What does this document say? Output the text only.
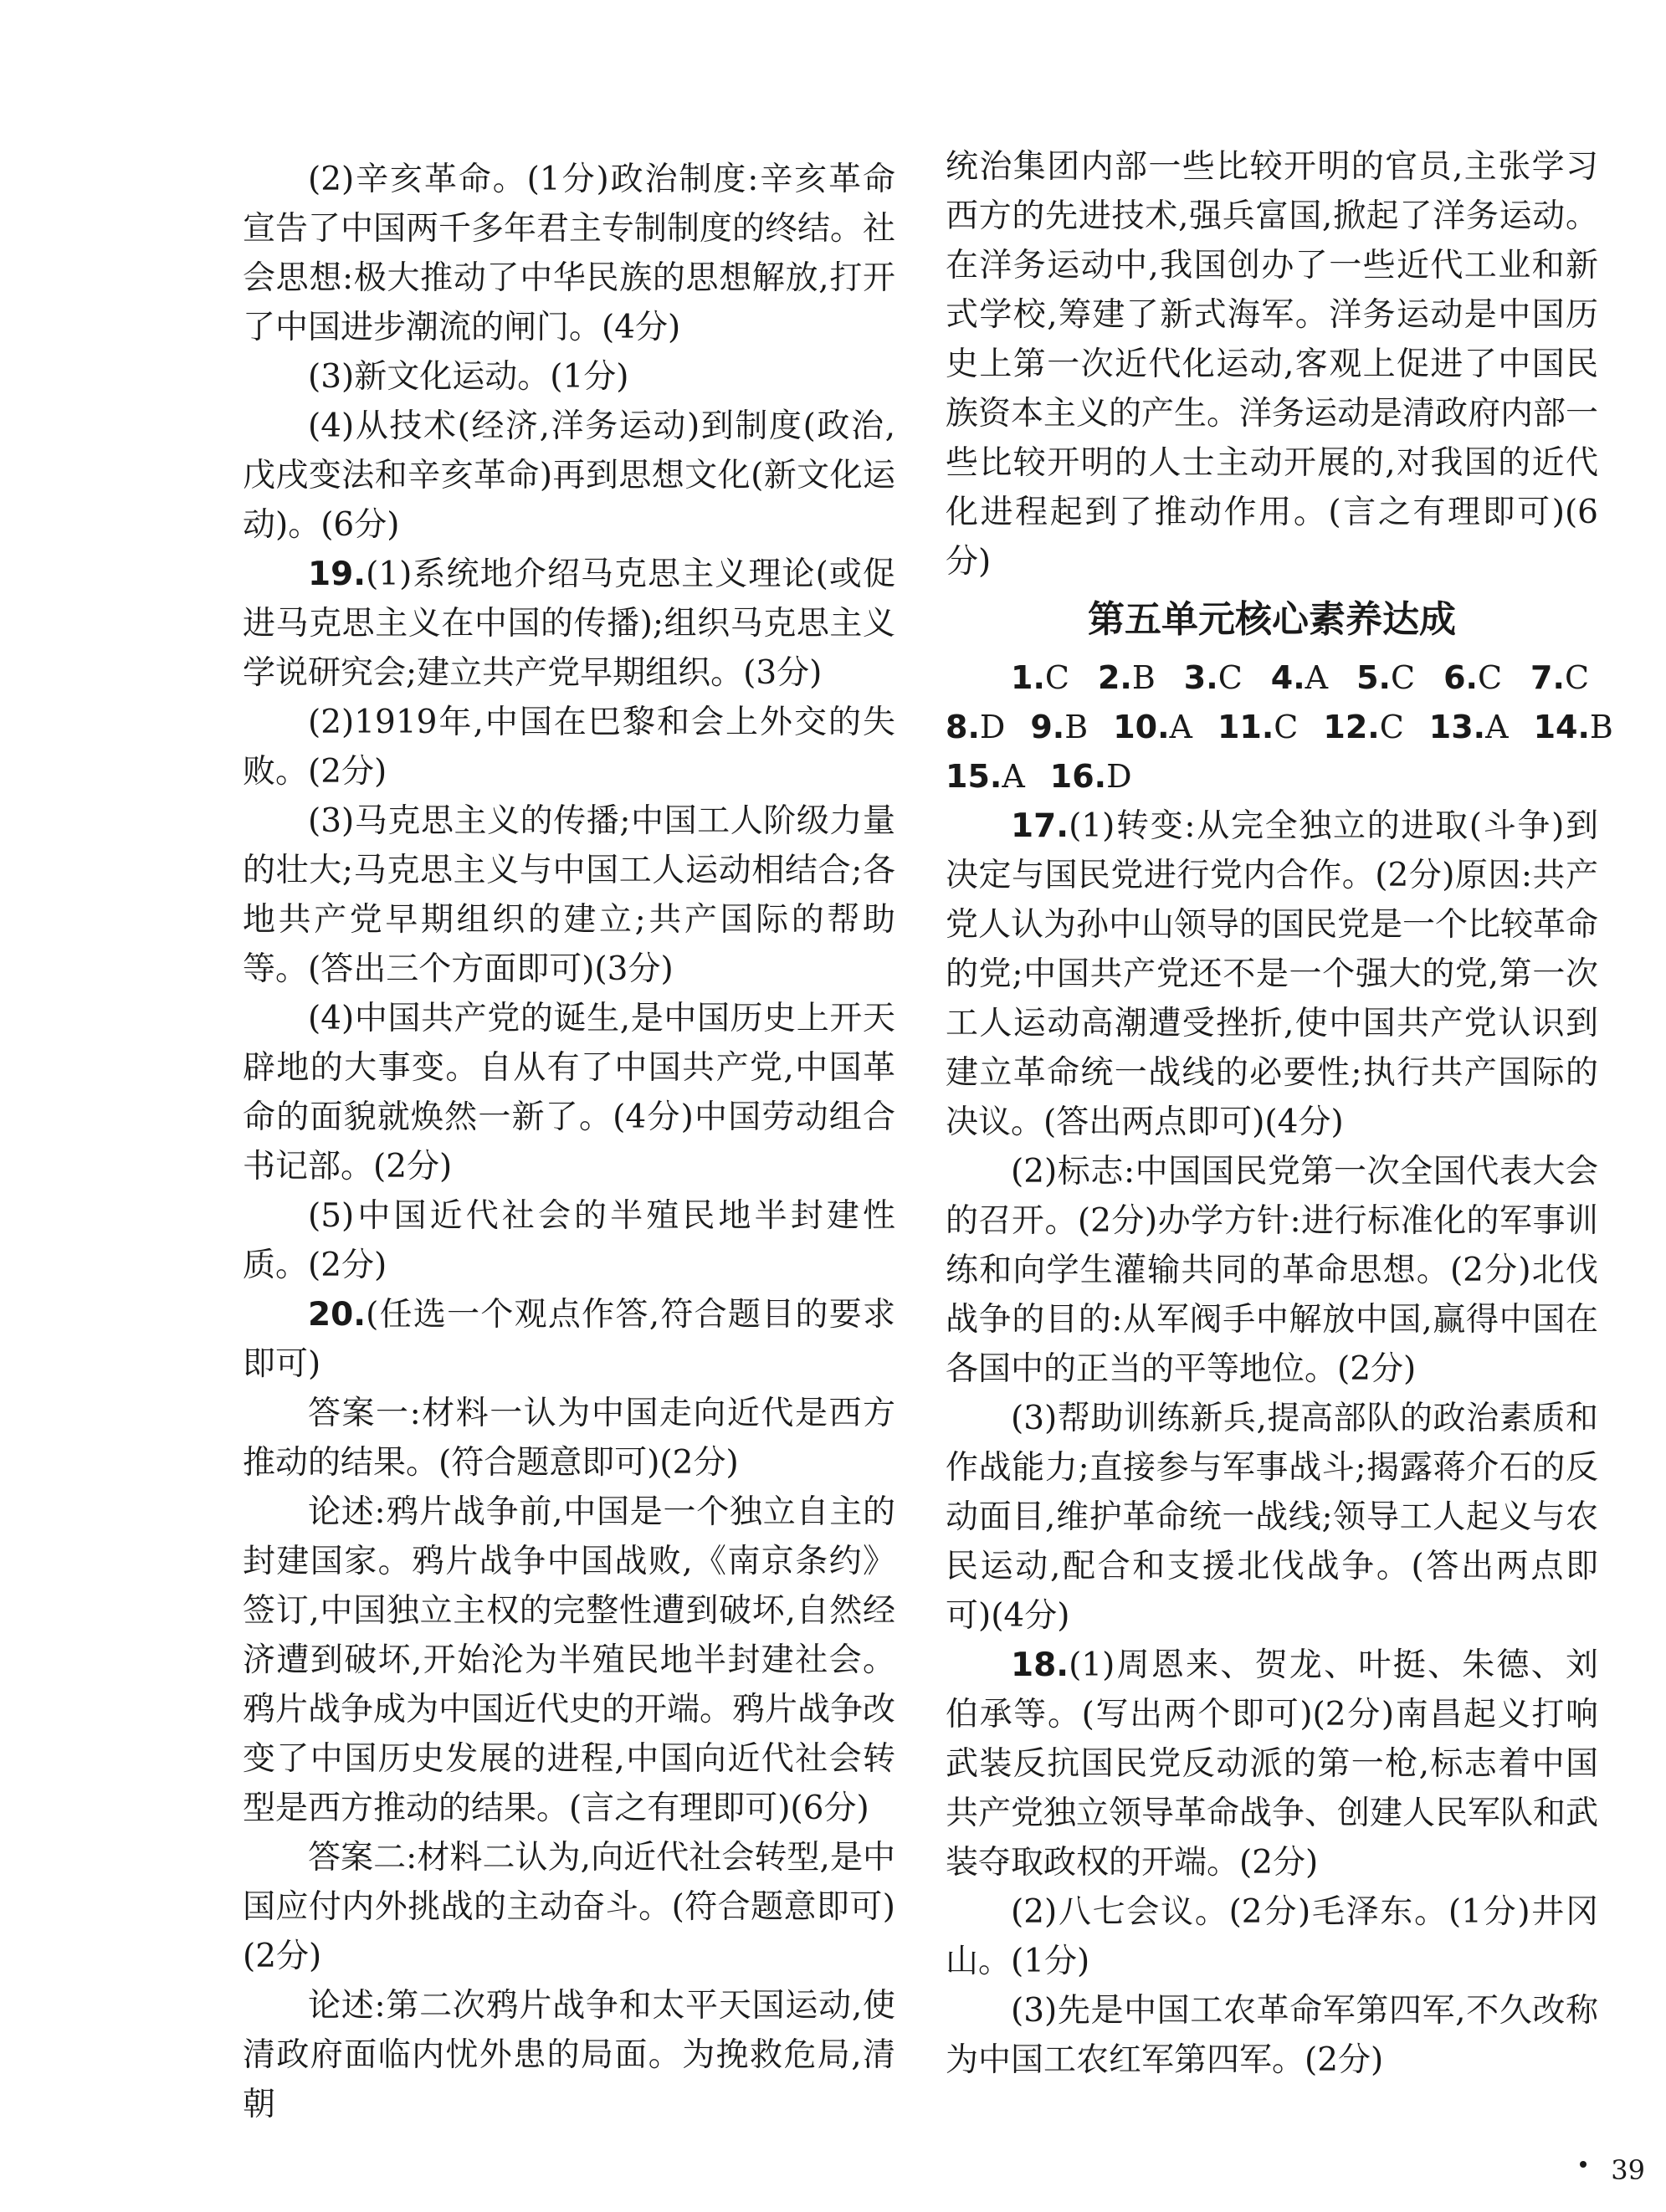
(2)辛亥革命。(1分)政治制度:辛亥革命宣告了中国两千多年君主专制制度的终结。社会思想:极大推动了中华民族的思想解放,打开了中国进步潮流的闸门。(4分)

(3)新文化运动。(1分)

(4)从技术(经济,洋务运动)到制度(政治,戊戌变法和辛亥革命)再到思想文化(新文化运动)。(6分)

19.(1)系统地介绍马克思主义理论(或促进马克思主义在中国的传播);组织马克思主义学说研究会;建立共产党早期组织。(3分)

(2)1919年,中国在巴黎和会上外交的失败。(2分)

(3)马克思主义的传播;中国工人阶级力量的壮大;马克思主义与中国工人运动相结合;各地共产党早期组织的建立;共产国际的帮助等。(答出三个方面即可)(3分)

(4)中国共产党的诞生,是中国历史上开天辟地的大事变。自从有了中国共产党,中国革命的面貌就焕然一新了。(4分)中国劳动组合书记部。(2分)

(5)中国近代社会的半殖民地半封建性质。(2分)

20.(任选一个观点作答,符合题目的要求即可)

答案一:材料一认为中国走向近代是西方推动的结果。(符合题意即可)(2分)

论述:鸦片战争前,中国是一个独立自主的封建国家。鸦片战争中国战败,《南京条约》签订,中国独立主权的完整性遭到破坏,自然经济遭到破坏,开始沦为半殖民地半封建社会。鸦片战争成为中国近代史的开端。鸦片战争改变了中国历史发展的进程,中国向近代社会转型是西方推动的结果。(言之有理即可)(6分)

答案二:材料二认为,向近代社会转型,是中国应付内外挑战的主动奋斗。(符合题意即可)(2分)

论述:第二次鸦片战争和太平天国运动,使清政府面临内忧外患的局面。为挽救危局,清朝

统治集团内部一些比较开明的官员,主张学习西方的先进技术,强兵富国,掀起了洋务运动。在洋务运动中,我国创办了一些近代工业和新式学校,筹建了新式海军。洋务运动是中国历史上第一次近代化运动,客观上促进了中国民族资本主义的产生。洋务运动是清政府内部一些比较开明的人士主动开展的,对我国的近代化进程起到了推动作用。(言之有理即可)(6分)

第五单元核心素养达成
1.C 2.B 3.C 4.A 5.C 6.C 7.C
8.D 9.B 10.A 11.C 12.C 13.A 14.B
15.A 16.D

17.(1)转变:从完全独立的进取(斗争)到决定与国民党进行党内合作。(2分)原因:共产党人认为孙中山领导的国民党是一个比较革命的党;中国共产党还不是一个强大的党,第一次工人运动高潮遭受挫折,使中国共产党认识到建立革命统一战线的必要性;执行共产国际的决议。(答出两点即可)(4分)

(2)标志:中国国民党第一次全国代表大会的召开。(2分)办学方针:进行标准化的军事训练和向学生灌输共同的革命思想。(2分)北伐战争的目的:从军阀手中解放中国,赢得中国在各国中的正当的平等地位。(2分)

(3)帮助训练新兵,提高部队的政治素质和作战能力;直接参与军事战斗;揭露蒋介石的反动面目,维护革命统一战线;领导工人起义与农民运动,配合和支援北伐战争。(答出两点即可)(4分)

18.(1)周恩来、贺龙、叶挺、朱德、刘伯承等。(写出两个即可)(2分)南昌起义打响武装反抗国民党反动派的第一枪,标志着中国共产党独立领导革命战争、创建人民军队和武装夺取政权的开端。(2分)

(2)八七会议。(2分)毛泽东。(1分)井冈山。(1分)

(3)先是中国工农革命军第四军,不久改称为中国工农红军第四军。(2分)

39
